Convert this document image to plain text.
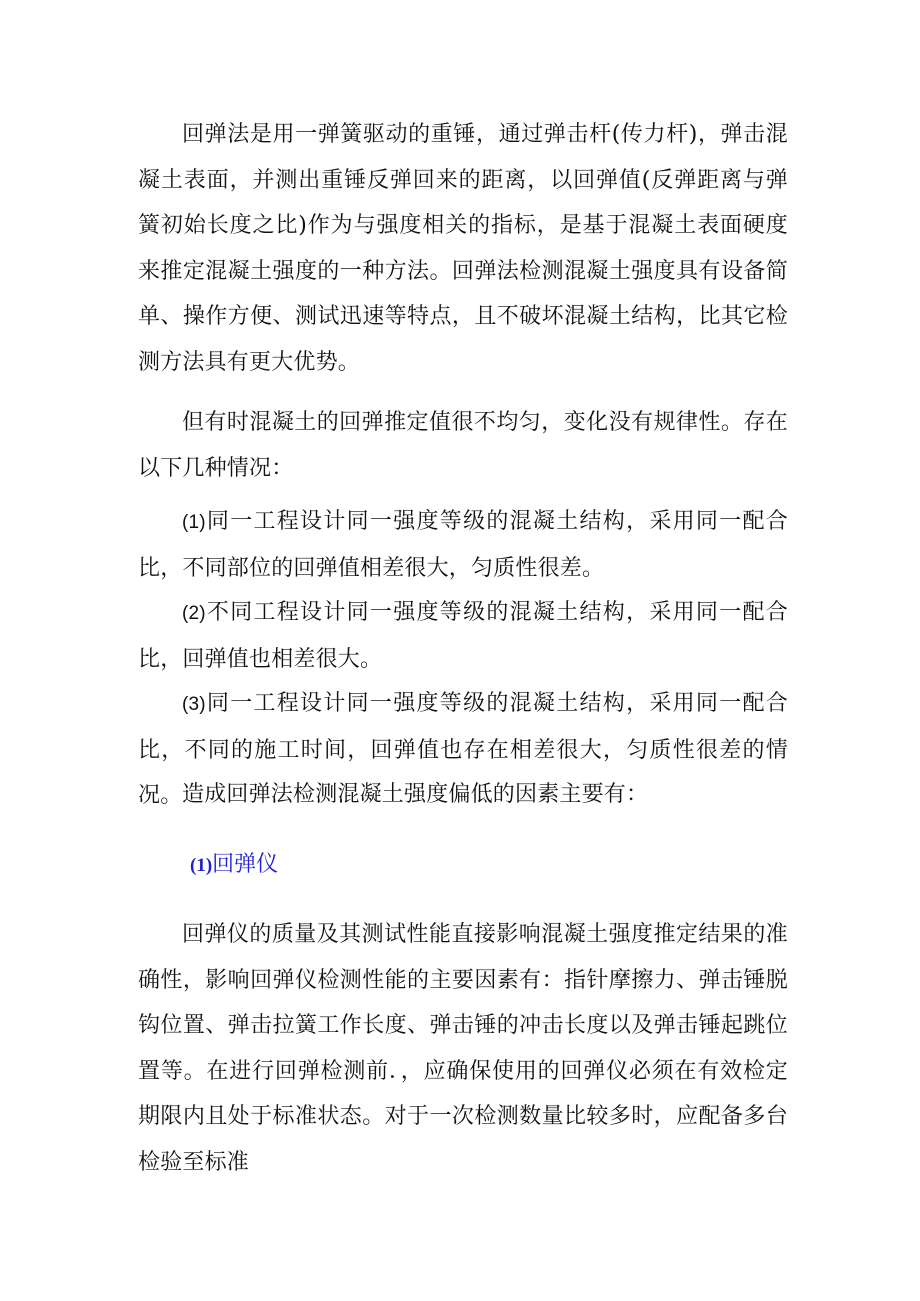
回弹法是用一弹簧驱动的重锤，通过弹击杆(传力杆)，弹击混凝土表面，并测出重锤反弹回来的距离，以回弹值(反弹距离与弹簧初始长度之比)作为与强度相关的指标，是基于混凝土表面硬度来推定混凝土强度的一种方法。回弹法检测混凝土强度具有设备简单、操作方便、测试迅速等特点，且不破坏混凝土结构，比其它检测方法具有更大优势。

但有时混凝土的回弹推定值很不均匀，变化没有规律性。存在以下几种情况：

(1)同一工程设计同一强度等级的混凝土结构，采用同一配合比，不同部位的回弹值相差很大，匀质性很差。

(2)不同工程设计同一强度等级的混凝土结构，采用同一配合比，回弹值也相差很大。

(3)同一工程设计同一强度等级的混凝土结构，采用同一配合比，不同的施工时间，回弹值也存在相差很大，匀质性很差的情况。 造成回弹法检测混凝土强度偏低的因素主要有：

(1)回弹仪

回弹仪的质量及其测试性能直接影响混凝土强度推定结果的准确性，影响回弹仪检测性能的主要因素有：指针摩擦力、弹击锤脱钩位置、弹击拉簧工作长度、弹击锤的冲击长度以及弹击锤起跳位置等。在进行回弹检测前．，应确保使用的回弹仪必须在有效检定期限内且处于标准状态。对于一次检测数量比较多时，应配备多台检验至标准
